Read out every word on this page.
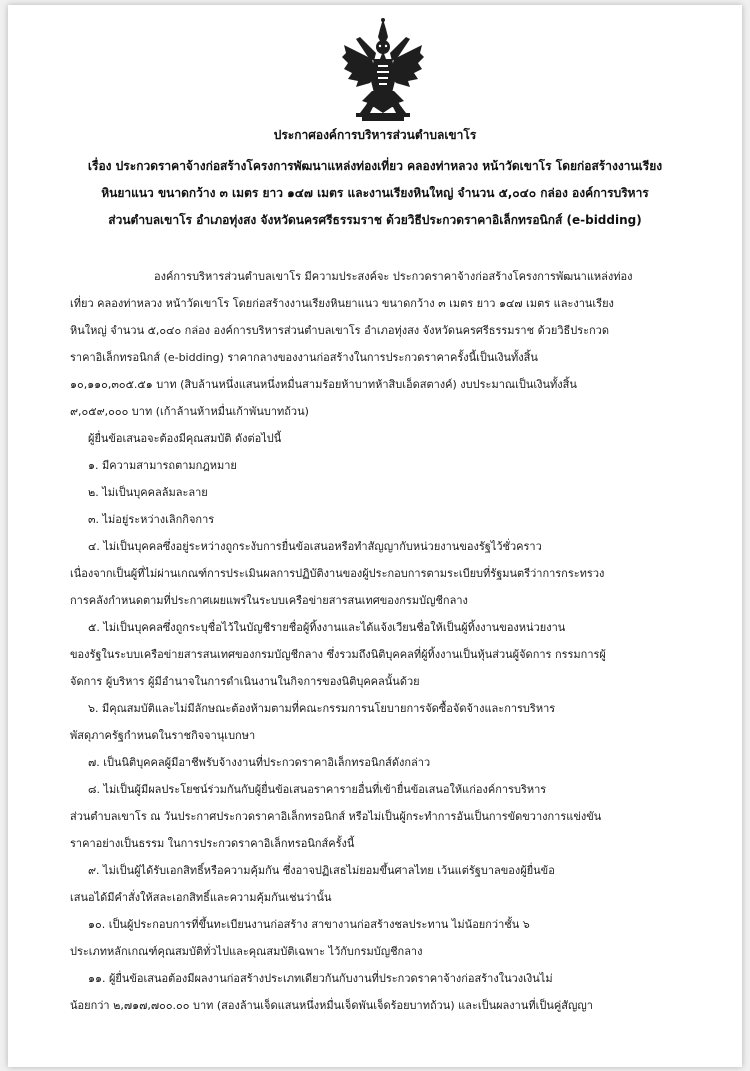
ประกาศองค์การบริหารส่วนตำบลเขาโร
เรื่อง ประกวดราคาจ้างก่อสร้างโครงการพัฒนาแหล่งท่องเที่ยว คลองท่าหลวง หน้าวัดเขาโร โดยก่อสร้างงานเรียง
หินยาแนว ขนาดกว้าง ๓ เมตร ยาว ๑๔๗ เมตร และงานเรียงหินใหญ่ จำนวน ๕,๐๔๐ กล่อง องค์การบริหาร
ส่วนตำบลเขาโร อำเภอทุ่งสง จังหวัดนครศรีธรรมราช ด้วยวิธีประกวดราคาอิเล็กทรอนิกส์ (e-bidding)
องค์การบริหารส่วนตำบลเขาโร มีความประสงค์จะ ประกวดราคาจ้างก่อสร้างโครงการพัฒนาแหล่งท่อง
เที่ยว คลองท่าหลวง หน้าวัดเขาโร โดยก่อสร้างงานเรียงหินยาแนว ขนาดกว้าง ๓ เมตร ยาว ๑๔๗ เมตร และงานเรียง
หินใหญ่ จำนวน ๕,๐๔๐ กล่อง องค์การบริหารส่วนตำบลเขาโร อำเภอทุ่งสง จังหวัดนครศรีธรรมราช ด้วยวิธีประกวด
ราคาอิเล็กทรอนิกส์ (e-bidding) ราคากลางของงานก่อสร้างในการประกวดราคาครั้งนี้เป็นเงินทั้งสิ้น
๑๐,๑๑๐,๓๐๕.๕๑ บาท (สิบล้านหนึ่งแสนหนึ่งหมื่นสามร้อยห้าบาทห้าสิบเอ็ดสตางค์) งบประมาณเป็นเงินทั้งสิ้น
๙,๐๕๙,๐๐๐ บาท (เก้าล้านห้าหมื่นเก้าพันบาทถ้วน)
ผู้ยื่นข้อเสนอจะต้องมีคุณสมบัติ ดังต่อไปนี้
๑. มีความสามารถตามกฎหมาย
๒. ไม่เป็นบุคคลล้มละลาย
๓. ไม่อยู่ระหว่างเลิกกิจการ
๔. ไม่เป็นบุคคลซึ่งอยู่ระหว่างถูกระงับการยื่นข้อเสนอหรือทำสัญญากับหน่วยงานของรัฐไว้ชั่วคราว
เนื่องจากเป็นผู้ที่ไม่ผ่านเกณฑ์การประเมินผลการปฏิบัติงานของผู้ประกอบการตามระเบียบที่รัฐมนตรีว่าการกระทรวง
การคลังกำหนดตามที่ประกาศเผยแพร่ในระบบเครือข่ายสารสนเทศของกรมบัญชีกลาง
๕. ไม่เป็นบุคคลซึ่งถูกระบุชื่อไว้ในบัญชีรายชื่อผู้ทิ้งงานและได้แจ้งเวียนชื่อให้เป็นผู้ทิ้งงานของหน่วยงาน
ของรัฐในระบบเครือข่ายสารสนเทศของกรมบัญชีกลาง ซึ่งรวมถึงนิติบุคคลที่ผู้ทิ้งงานเป็นหุ้นส่วนผู้จัดการ กรรมการผู้
จัดการ ผู้บริหาร ผู้มีอำนาจในการดำเนินงานในกิจการของนิติบุคคลนั้นด้วย
๖. มีคุณสมบัติและไม่มีลักษณะต้องห้ามตามที่คณะกรรมการนโยบายการจัดซื้อจัดจ้างและการบริหาร
พัสดุภาครัฐกำหนดในราชกิจจานุเบกษา
๗. เป็นนิติบุคคลผู้มีอาชีพรับจ้างงานที่ประกวดราคาอิเล็กทรอนิกส์ดังกล่าว
๘. ไม่เป็นผู้มีผลประโยชน์ร่วมกันกับผู้ยื่นข้อเสนอราคารายอื่นที่เข้ายื่นข้อเสนอให้แก่องค์การบริหาร
ส่วนตำบลเขาโร ณ วันประกาศประกวดราคาอิเล็กทรอนิกส์ หรือไม่เป็นผู้กระทำการอันเป็นการขัดขวางการแข่งขัน
ราคาอย่างเป็นธรรม ในการประกวดราคาอิเล็กทรอนิกส์ครั้งนี้
๙. ไม่เป็นผู้ได้รับเอกสิทธิ์หรือความคุ้มกัน ซึ่งอาจปฏิเสธไม่ยอมขึ้นศาลไทย เว้นแต่รัฐบาลของผู้ยื่นข้อ
เสนอได้มีคำสั่งให้สละเอกสิทธิ์และความคุ้มกันเช่นว่านั้น
๑๐. เป็นผู้ประกอบการที่ขึ้นทะเบียนงานก่อสร้าง สาขางานก่อสร้างชลประทาน ไม่น้อยกว่าชั้น ๖
ประเภทหลักเกณฑ์คุณสมบัติทั่วไปและคุณสมบัติเฉพาะ ไว้กับกรมบัญชีกลาง
๑๑. ผู้ยื่นข้อเสนอต้องมีผลงานก่อสร้างประเภทเดียวกันกับงานที่ประกวดราคาจ้างก่อสร้างในวงเงินไม่
น้อยกว่า ๒,๗๑๗,๗๐๐.๐๐ บาท (สองล้านเจ็ดแสนหนึ่งหมื่นเจ็ดพันเจ็ดร้อยบาทถ้วน) และเป็นผลงานที่เป็นคู่สัญญา
